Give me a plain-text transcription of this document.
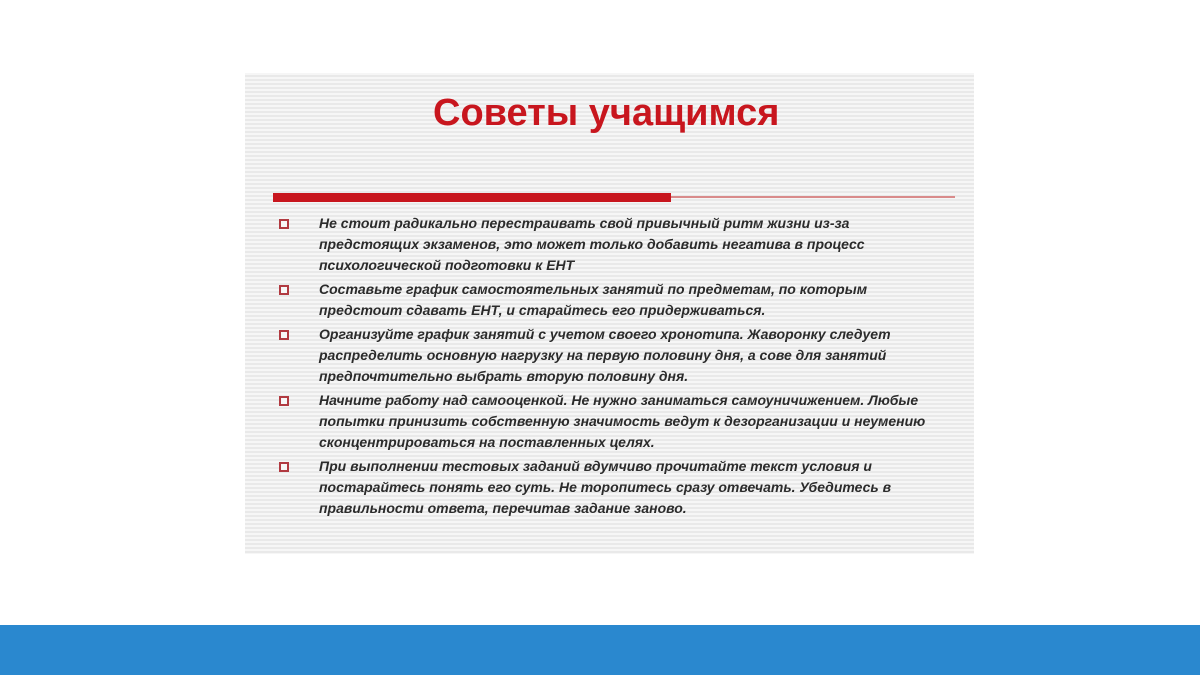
Советы учащимся
Не стоит радикально перестраивать свой привычный ритм жизни из-за предстоящих экзаменов, это может только добавить негатива в процесс психологической подготовки к ЕНТ
Составьте график самостоятельных занятий по предметам, по которым предстоит сдавать ЕНТ, и старайтесь его придерживаться.
Организуйте график занятий с учетом своего хронотипа. Жаворонку следует распределить основную нагрузку на первую половину дня, а сове для занятий предпочтительно выбрать вторую половину дня.
Начните работу над самооценкой. Не нужно заниматься самоуничижением. Любые попытки принизить собственную значимость ведут к дезорганизации и неумению сконцентрироваться на поставленных целях.
При выполнении тестовых заданий вдумчиво прочитайте текст условия и постарайтесь понять его суть. Не торопитесь сразу отвечать. Убедитесь в правильности ответа, перечитав задание заново.
